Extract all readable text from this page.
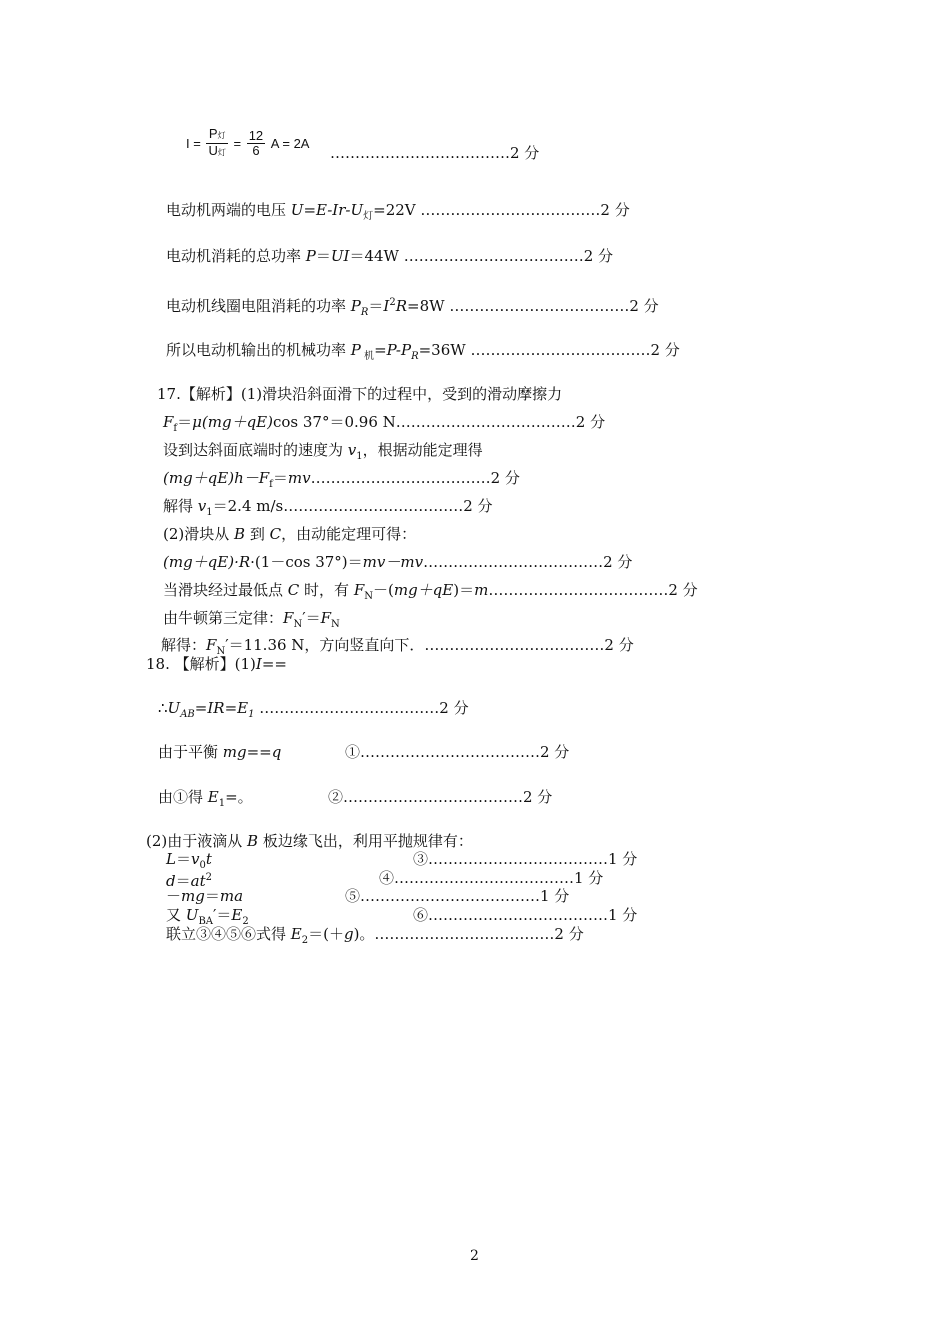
$I = \frac{\text{P灯}}{\text{U灯}} = \frac{12}{6}$ A = 2A
………………………………2 分
电动机两端的电压 $U=E-Ir-U_灯=22V$ ………………………………2 分
电动机消耗的总功率 P＝UI＝44W ………………………………2 分
电动机线圈电阻消耗的功率 $P_R=I^2R=8W$ ………………………………2 分
所以电动机输出的机械功率 P $_机=P-P_R=36W$ ………………………………2 分
17.【解析】(1)滑块沿斜面滑下的过程中，受到的滑动摩擦力
$F_f=\mu(mg+qE)\cos$ 37°＝0.96 N………………………………2 分
设到达斜面底端时的速度为 $v_1$，根据动能定理得
$(mg+qE)h-F_f=mv\dots\dots\dots\dots\dots\dots\dots\dots\dots\dots\dots\dots 2$ 分
解得 $v_1=2.4$ m/s………………………………2 分
(2)滑块从 B 到 C，由动能定理可得：
(mg＋qE)·R·(1－cos 37°)＝mv－mv………………………………2 分
当滑块经过最低点 C 时，有 $F_N-(mg+qE)=m\dots\dots\dots\dots\dots\dots\dots\dots\dots\dots\dots\dots 2$ 分
由牛顿第三定律：$F_N'=F_N$
解得：$F_N'=11.36$ N，方向竖直向下．………………………………2 分
18. 【解析】(1)I==
$\therefore U_{AB}=IR=E_1$ ………………………………2 分
由于平衡 mg==q	①………………………………2 分
由①得 $E_1=$。	②………………………………2 分
(2)由于液滴从 B 板边缘飞出，利用平抛规律有：
$L=v_0t$	③………………………………1 分
$d=at^2$	④………………………………1 分
－mg＝ma	⑤………………………………1 分
又 $U_{BA}'=E_2$	⑥………………………………1 分
联立③④⑤⑥式得 $E_2=(+g)$。………………………………2 分
2
